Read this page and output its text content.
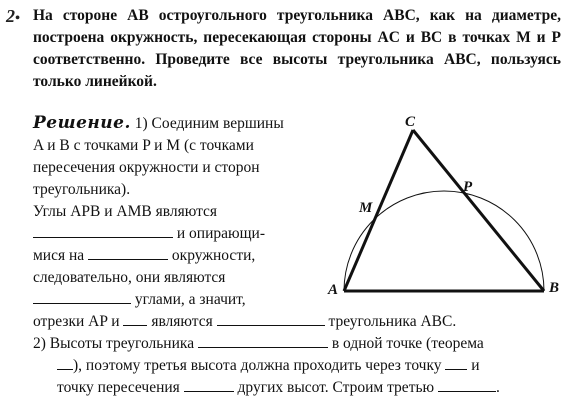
2• На стороне AB остроугольного треугольника ABC, как на диаметре, построена окружность, пересекающая стороны AC и BC в точках M и P соответственно. Проведите все высоты треугольника ABC, пользуясь только линейкой.
Решение. 1) Соединим вершины
A и B с точками P и M (с точками
пересечения окружности и сторон
треугольника).
Углы APB и AMB являются
и опирающи-
мися на	окружности,
следовательно, они являются
углами, а значит,
отрезки AP и являются	треугольника ABC.
2) Высоты треугольника	в одной точке (теорема
), поэтому третья высота должна проходить через точку и
точку пересечения	других высот. Строим третью	.
A	B
C
M
P
